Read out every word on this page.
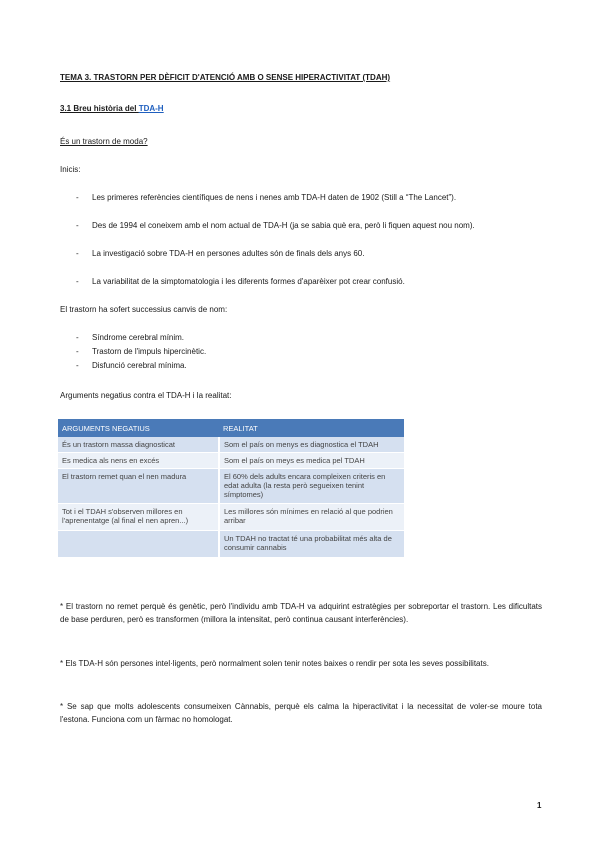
TEMA 3. TRASTORN PER DÈFICIT D'ATENCIÓ AMB O SENSE HIPERACTIVITAT (TDAH)
3.1 Breu història del TDA-H
És un trastorn de moda?
Inicis:
- Les primeres referències científiques de nens i nenes amb TDA-H daten de 1902 (Still a “The Lancet”).
- Des de 1994 el coneixem amb el nom actual de TDA-H (ja se sabia què era, però li fiquen aquest nou nom).
- La investigació sobre TDA-H en persones adultes són de finals dels anys 60.
- La variabilitat de la simptomatologia i les diferents formes d'aparèixer pot crear confusió.
El trastorn ha sofert successius canvis de nom:
- Síndrome cerebral mínim.
- Trastorn de l'impuls hipercinètic.
- Disfunció cerebral mínima.
Arguments negatius contra el TDA-H i la realitat:
ARGUMENTS NEGATIUS	REALITAT
És un trastorn massa diagnosticat	Som el país on menys es diagnostica el TDAH
Es medica als nens en excés	Som el país on meys es medica pel TDAH
El trastorn remet quan el nen madura	El 60% dels adults encara compleixen criteris en edat adulta (la resta però segueixen tenint símptomes)
Tot i el TDAH s'observen millores en l'aprenentatge (al final el nen apren...)	Les millores són mínimes en relació al que podrien arribar
	Un TDAH no tractat té una probabilitat més alta de consumir cannabis
* El trastorn no remet perquè és genètic, però l'individu amb TDA-H va adquirint estratègies per sobreportar el trastorn. Les dificultats de base perduren, però es transformen (millora la intensitat, però continua causant interferències).
* Els TDA-H són persones intel·ligents, però normalment solen tenir notes baixes o rendir per sota les seves possibilitats.
* Se sap que molts adolescents consumeixen Cànnabis, perquè els calma la hiperactivitat i la necessitat de voler-se moure tota l'estona. Funciona com un fàrmac no homologat.
1
